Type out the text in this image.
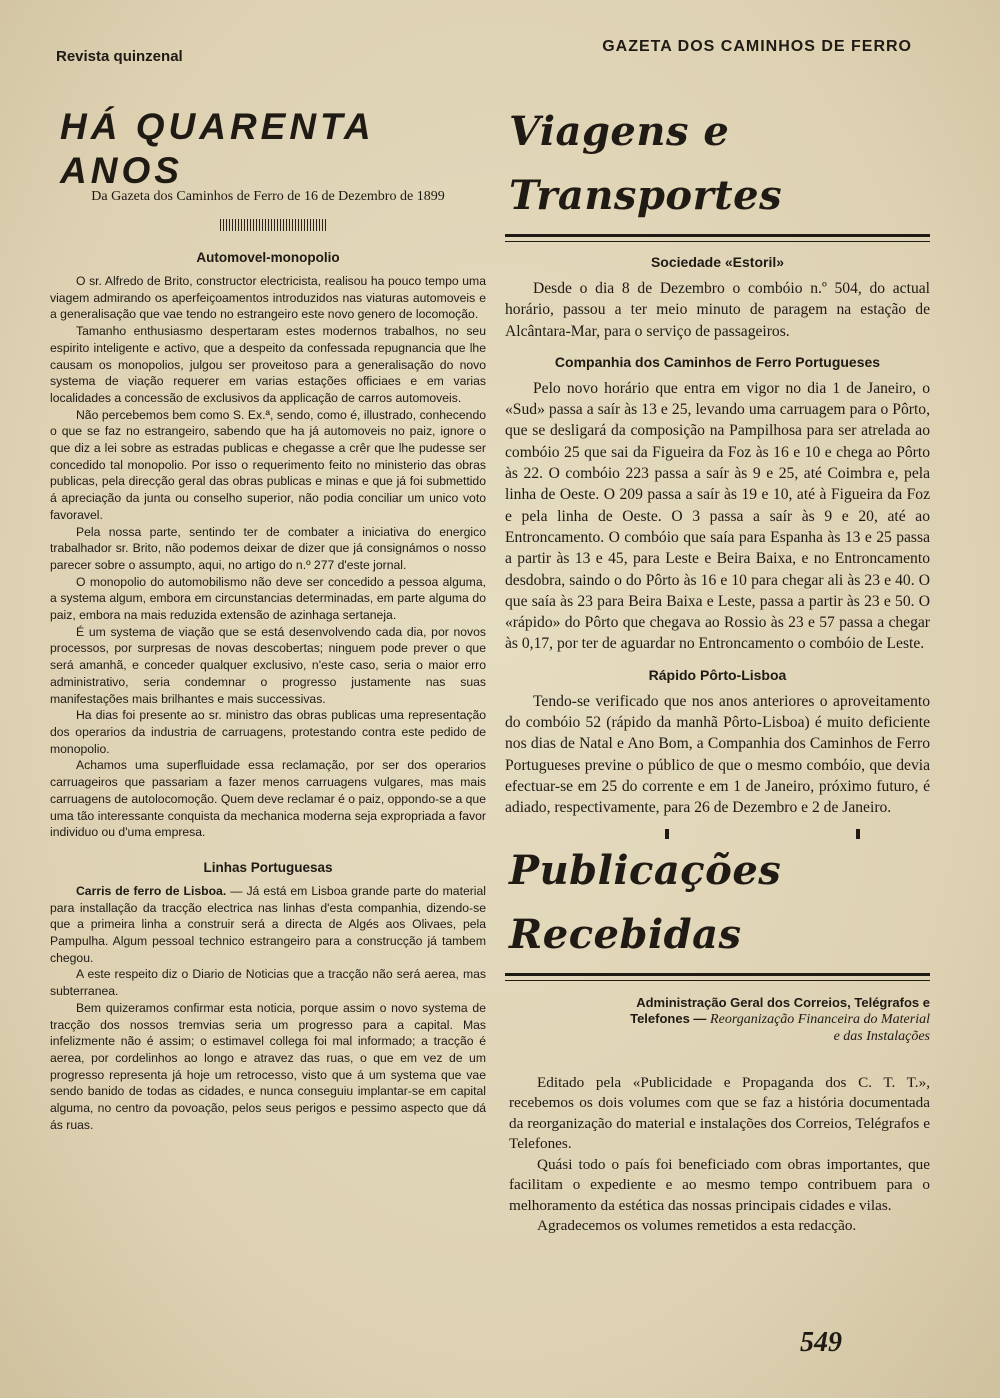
Revista quinzenal
GAZETA DOS CAMINHOS DE FERRO
HÁ QUARENTA ANOS
Da Gazeta dos Caminhos de Ferro de 16 de Dezembro de 1899
Automovel-monopolio

O sr. Alfredo de Brito, constructor electricista, realisou ha pouco tempo uma viagem admirando os aperfeiçoamentos introduzidos nas viaturas automoveis e a generalisação que vae tendo no estrangeiro este novo genero de locomoção.

Tamanho enthusiasmo despertaram estes modernos trabalhos, no seu espirito inteligente e activo, que a despeito da confessada repugnancia que lhe causam os monopolios, julgou ser proveitoso para a generalisação do novo systema de viação requerer em varias estações officiaes e em varias localidades a concessão de exclusivos da applicação de carros automoveis.

Não percebemos bem como S. Ex.ª, sendo, como é, illustrado, conhecendo o que se faz no estrangeiro, sabendo que ha já automoveis no paiz, ignore o que diz a lei sobre as estradas publicas e chegasse a crêr que lhe pudesse ser concedido tal monopolio. Por isso o requerimento feito no ministerio das obras publicas, pela direcção geral das obras publicas e minas e que já foi submettido á apreciação da junta ou conselho superior, não podia conciliar um unico voto favoravel.

Pela nossa parte, sentindo ter de combater a iniciativa do energico trabalhador sr. Brito, não podemos deixar de dizer que já consignámos o nosso parecer sobre o assumpto, aqui, no artigo do n.º 277 d'este jornal.

O monopolio do automobilismo não deve ser concedido a pessoa alguma, a systema algum, embora em circunstancias determinadas, em parte alguma do paiz, embora na mais reduzida extensão de azinhaga sertaneja.

É um systema de viação que se está desenvolvendo cada dia, por novos processos, por surpresas de novas descobertas; ninguem pode prever o que será amanhã, e conceder qualquer exclusivo, n'este caso, seria o maior erro administrativo, seria condemnar o progresso justamente nas suas manifestações mais brilhantes e mais successivas.

Ha dias foi presente ao sr. ministro das obras publicas uma representação dos operarios da industria de carruagens, protestando contra este pedido de monopolio.

Achamos uma superfluidade essa reclamação, por ser dos operarios carruageiros que passariam a fazer menos carruagens vulgares, mas mais carruagens de autolocomoção. Quem deve reclamar é o paiz, oppondo-se a que uma tão interessante conquista da mechanica moderna seja expropriada a favor individuo ou d'uma empresa.

Linhas Portuguesas

Carris de ferro de Lisboa. — Já está em Lisboa grande parte do material para installação da tracção electrica nas linhas d'esta companhia, dizendo-se que a primeira linha a construir será a directa de Algés aos Olivaes, pela Pampulha. Algum pessoal technico estrangeiro para a construcção já tambem chegou.

A este respeito diz o Diario de Noticias que a tracção não será aerea, mas subterranea.

Bem quizeramos confirmar esta noticia, porque assim o novo systema de tracção dos nossos tremvias seria um progresso para a capital. Mas infelizmente não é assim; o estimavel collega foi mal informado; a tracção é aerea, por cordelinhos ao longo e atravez das ruas, o que em vez de um progresso representa já hoje um retrocesso, visto que á um systema que vae sendo banido de todas as cidades, e nunca conseguiu implantar-se em capital alguma, no centro da povoação, pelos seus perigos e pessimo aspecto que dá ás ruas.

Viagens e Transportes
Sociedade «Estoril»

Desde o dia 8 de Dezembro o combóio n.º 504, do actual horário, passou a ter meio minuto de paragem na estação de Alcântara-Mar, para o serviço de passageiros.

Companhia dos Caminhos de Ferro Portugueses

Pelo novo horário que entra em vigor no dia 1 de Janeiro, o «Sud» passa a saír às 13 e 25, levando uma carruagem para o Pôrto, que se desligará da composição na Pampilhosa para ser atrelada ao combóio 25 que sai da Figueira da Foz às 16 e 10 e chega ao Pôrto às 22. O combóio 223 passa a saír às 9 e 25, até Coimbra e, pela linha de Oeste. O 209 passa a saír às 19 e 10, até à Figueira da Foz e pela linha de Oeste. O 3 passa a saír às 9 e 20, até ao Entroncamento. O combóio que saía para Espanha às 13 e 25 passa a partir às 13 e 45, para Leste e Beira Baixa, e no Entroncamento desdobra, saindo o do Pôrto às 16 e 10 para chegar ali às 23 e 40. O que saía às 23 para Beira Baixa e Leste, passa a partir às 23 e 50. O «rápido» do Pôrto que chegava ao Rossio às 23 e 57 passa a chegar às 0,17, por ter de aguardar no Entroncamento o combóio de Leste.

Rápido Pôrto-Lisboa

Tendo-se verificado que nos anos anteriores o aproveitamento do combóio 52 (rápido da manhã Pôrto-Lisboa) é muito deficiente nos dias de Natal e Ano Bom, a Companhia dos Caminhos de Ferro Portugueses previne o público de que o mesmo combóio, que devia efectuar-se em 25 do corrente e em 1 de Janeiro, próximo futuro, é adiado, respectivamente, para 26 de Dezembro e 2 de Janeiro.

Publicações Recebidas
Administração Geral dos Correios, Telégrafos e Telefones — Reorganização Financeira do Material e das Instalações

Editado pela «Publicidade e Propaganda dos C. T. T.», recebemos os dois volumes com que se faz a história documentada da reorganização do material e instalações dos Correios, Telégrafos e Telefones.

Quási todo o país foi beneficiado com obras importantes, que facilitam o expediente e ao mesmo tempo contribuem para o melhoramento da estética das nossas principais cidades e vilas.

Agradecemos os volumes remetidos a esta redacção.

549
